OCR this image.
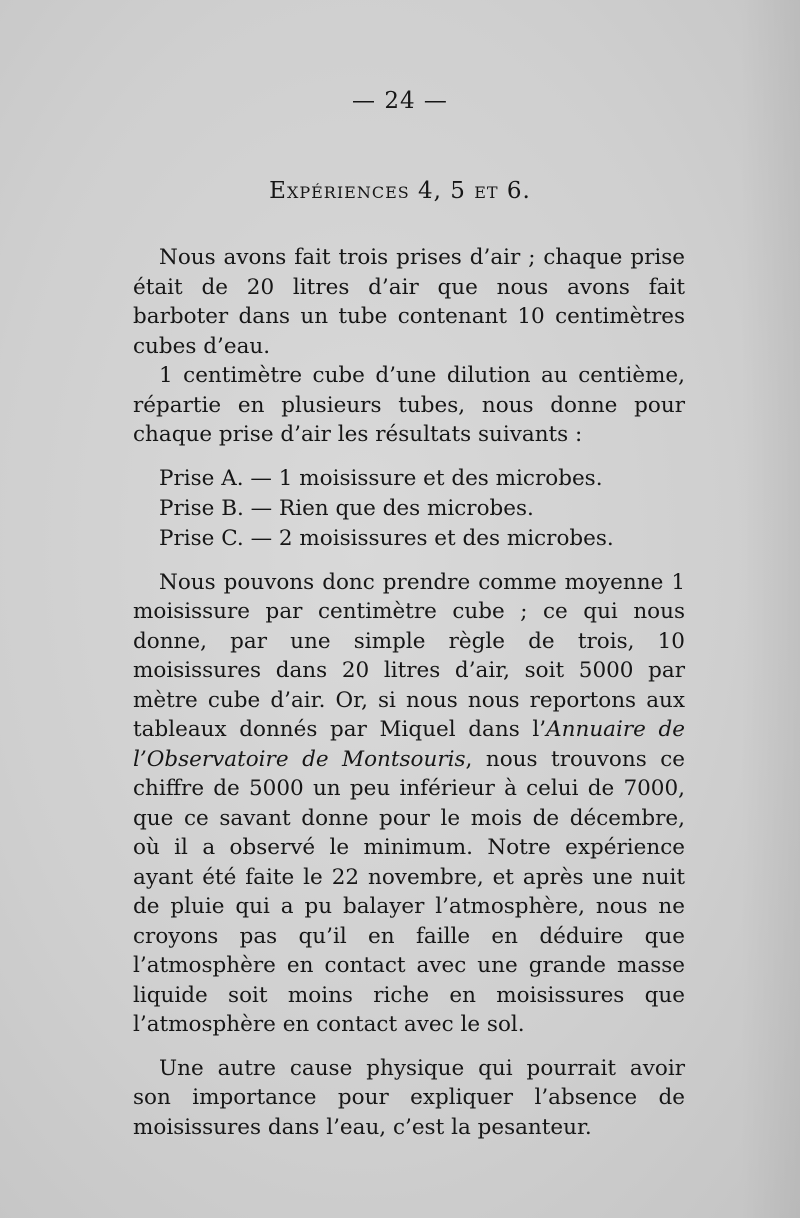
— 24 —
Expériences 4, 5 et 6.

Nous avons fait trois prises d’air ; chaque prise était de 20 litres d’air que nous avons fait barboter dans un tube contenant 10 centimètres cubes d’eau.

1 centimètre cube d’une dilution au centième, répartie en plusieurs tubes, nous donne pour chaque prise d’air les résultats suivants :

Prise A. — 1 moisissure et des microbes.
Prise B. — Rien que des microbes.
Prise C. — 2 moisissures et des microbes.

Nous pouvons donc prendre comme moyenne 1 moisissure par centimètre cube ; ce qui nous donne, par une simple règle de trois, 10 moisissures dans 20 litres d’air, soit 5000 par mètre cube d’air. Or, si nous nous reportons aux tableaux donnés par Miquel dans l’Annuaire de l’Observatoire de Montsouris, nous trouvons ce chiffre de 5000 un peu inférieur à celui de 7000, que ce savant donne pour le mois de décembre, où il a observé le minimum. Notre expérience ayant été faite le 22 novembre, et après une nuit de pluie qui a pu balayer l’atmosphère, nous ne croyons pas qu’il en faille en déduire que l’atmosphère en contact avec une grande masse liquide soit moins riche en moisissures que l’atmosphère en contact avec le sol.

Une autre cause physique qui pourrait avoir son importance pour expliquer l’absence de moisissures dans l’eau, c’est la pesanteur.
